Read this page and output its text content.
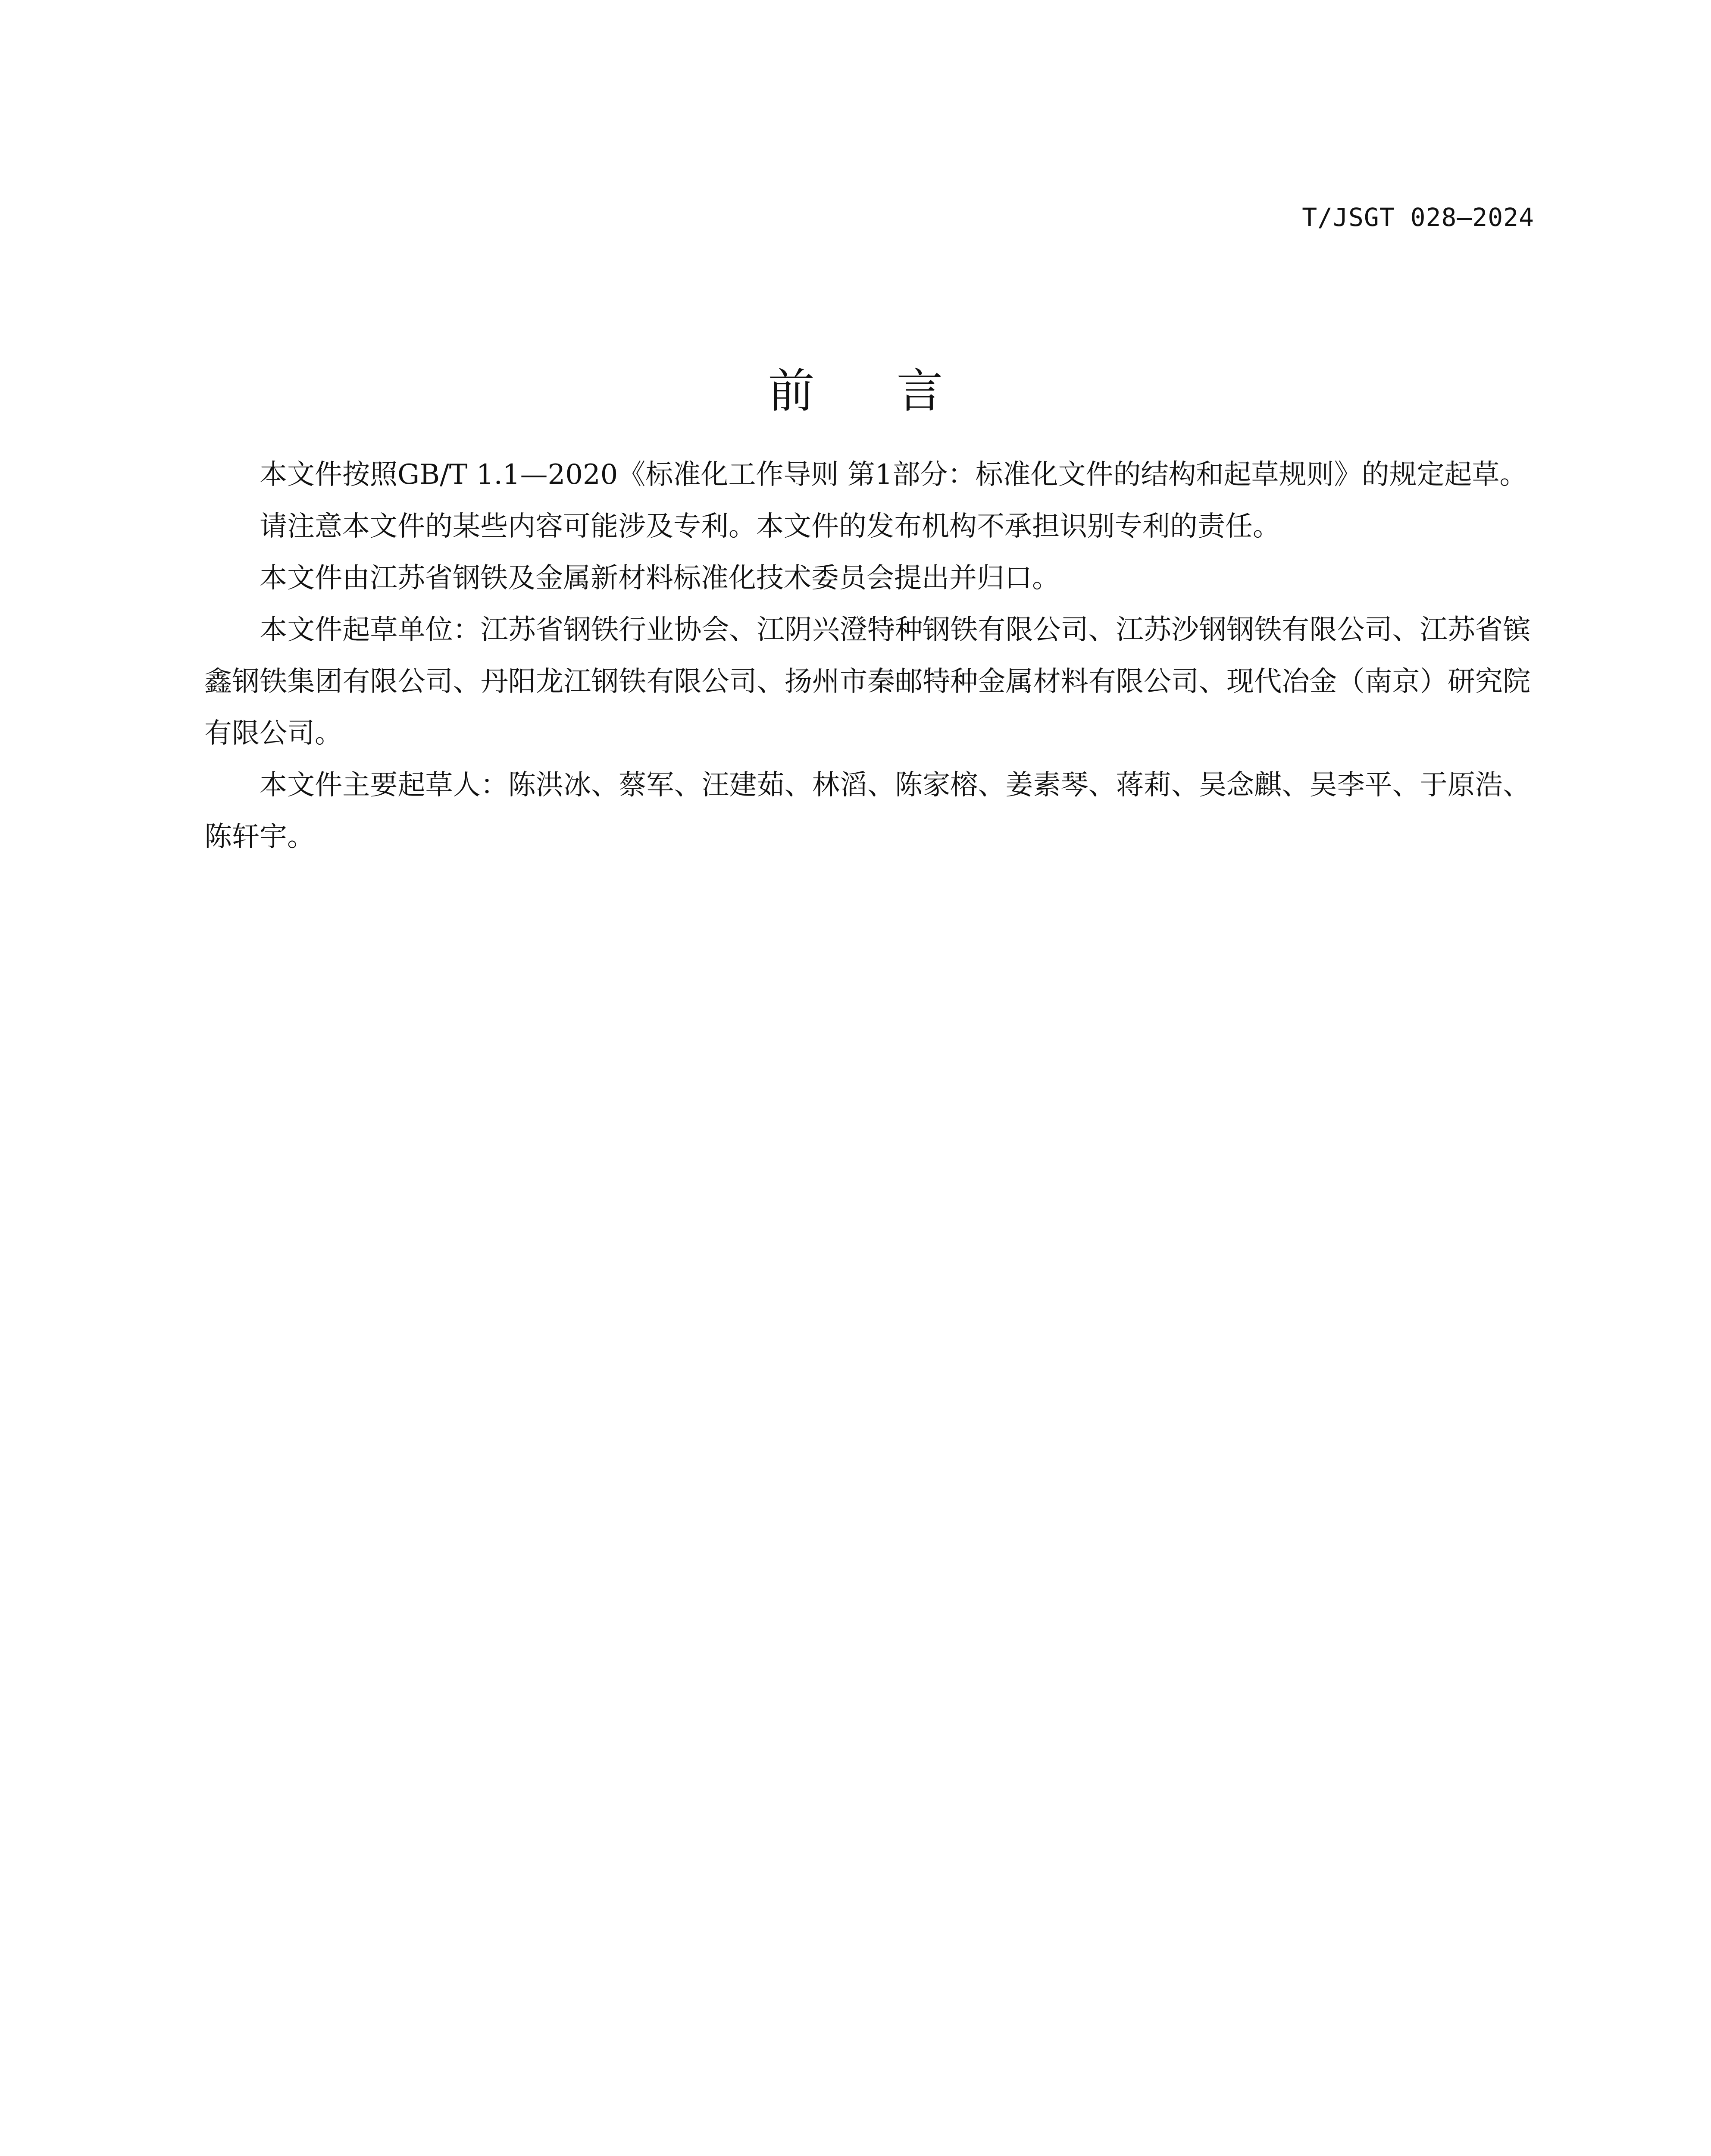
T/JSGT 028—2024
前言

本文件按照GB/T 1.1—2020《标准化工作导则 第1部分：标准化文件的结构和起草规则》的规定起草。

请注意本文件的某些内容可能涉及专利。本文件的发布机构不承担识别专利的责任。

本文件由江苏省钢铁及金属新材料标准化技术委员会提出并归口。

本文件起草单位：江苏省钢铁行业协会、江阴兴澄特种钢铁有限公司、江苏沙钢钢铁有限公司、江苏省镔鑫钢铁集团有限公司、丹阳龙江钢铁有限公司、扬州市秦邮特种金属材料有限公司、现代冶金（南京）研究院有限公司。

本文件主要起草人：陈洪冰、蔡军、汪建茹、林滔、陈家榕、姜素琴、蒋莉、吴念麒、吴李平、于原浩、陈轩宇。
